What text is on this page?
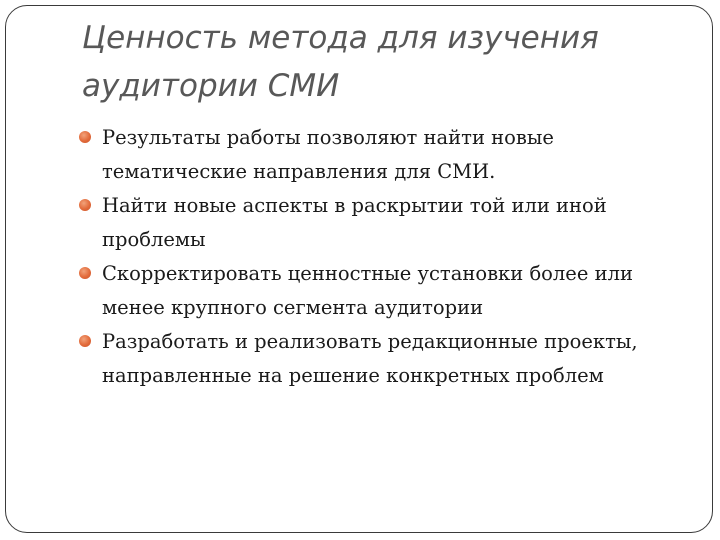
Ценность метода для изучения аудитории СМИ
Результаты работы позволяют найти новые тематические направления для СМИ.
Найти новые аспекты в раскрытии той или иной проблемы
Скорректировать ценностные установки более или менее крупного сегмента аудитории
Разработать и реализовать редакционные проекты, направленные на решение конкретных проблем
